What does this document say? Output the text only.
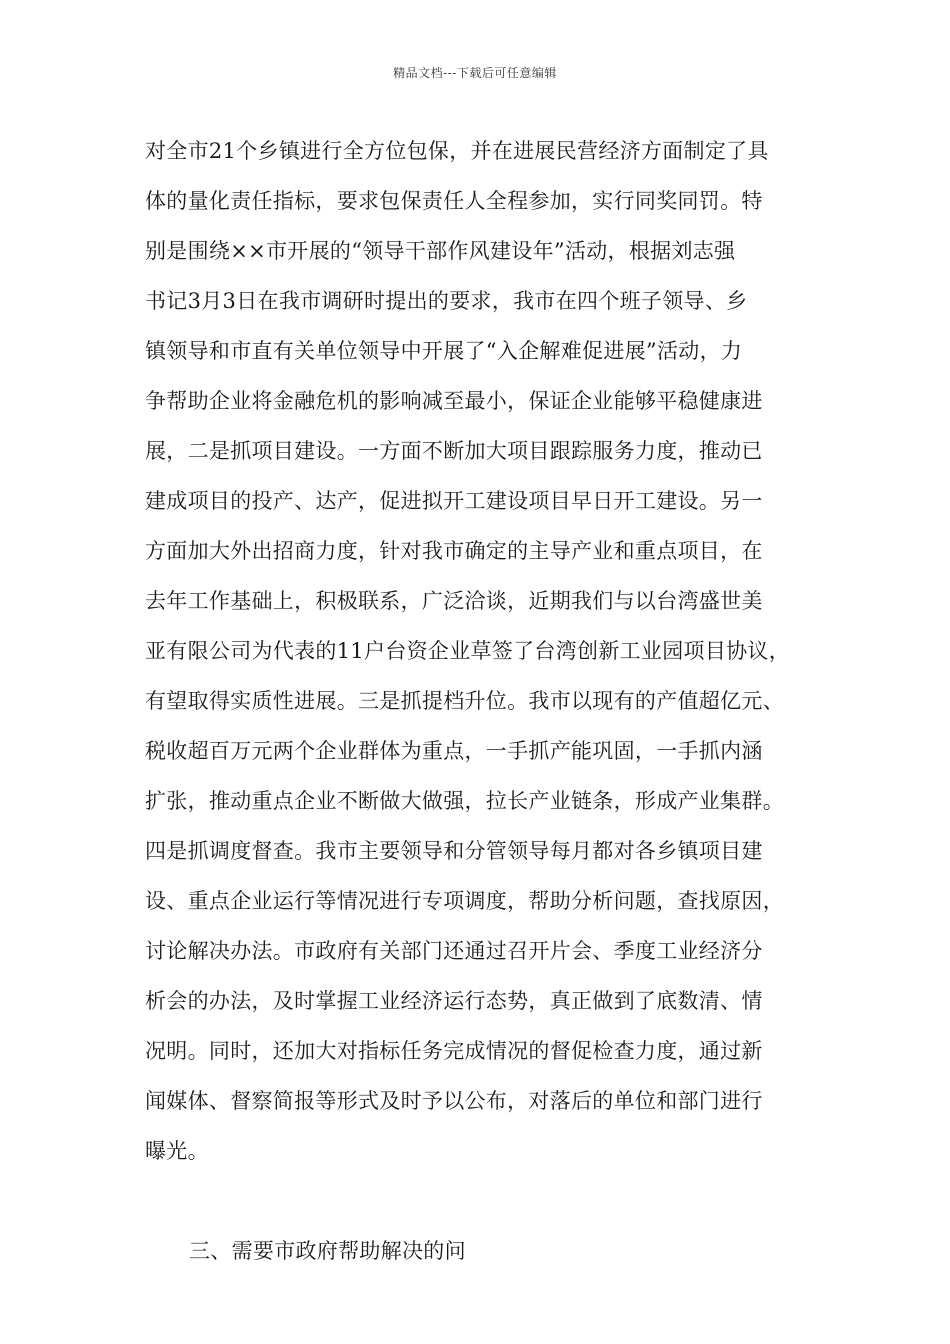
精品文档---下载后可任意编辑
对全市21个乡镇进行全方位包保，并在进展民营经济方面制定了具
体的量化责任指标，要求包保责任人全程参加，实行同奖同罚。特
别是围绕××市开展的“领导干部作风建设年”活动，根据刘志强
书记3月3日在我市调研时提出的要求，我市在四个班子领导、乡
镇领导和市直有关单位领导中开展了“入企解难促进展”活动，力
争帮助企业将金融危机的影响减至最小，保证企业能够平稳健康进
展，二是抓项目建设。一方面不断加大项目跟踪服务力度，推动已
建成项目的投产、达产，促进拟开工建设项目早日开工建设。另一
方面加大外出招商力度，针对我市确定的主导产业和重点项目，在
去年工作基础上，积极联系，广泛洽谈，近期我们与以台湾盛世美
亚有限公司为代表的11户台资企业草签了台湾创新工业园项目协议，
有望取得实质性进展。三是抓提档升位。我市以现有的产值超亿元、
税收超百万元两个企业群体为重点，一手抓产能巩固，一手抓内涵
扩张，推动重点企业不断做大做强，拉长产业链条，形成产业集群。
四是抓调度督查。我市主要领导和分管领导每月都对各乡镇项目建
设、重点企业运行等情况进行专项调度，帮助分析问题，查找原因，
讨论解决办法。市政府有关部门还通过召开片会、季度工业经济分
析会的办法，及时掌握工业经济运行态势，真正做到了底数清、情
况明。同时，还加大对指标任务完成情况的督促检查力度，通过新
闻媒体、督察简报等形式及时予以公布，对落后的单位和部门进行
曝光。
三、需要市政府帮助解决的问
